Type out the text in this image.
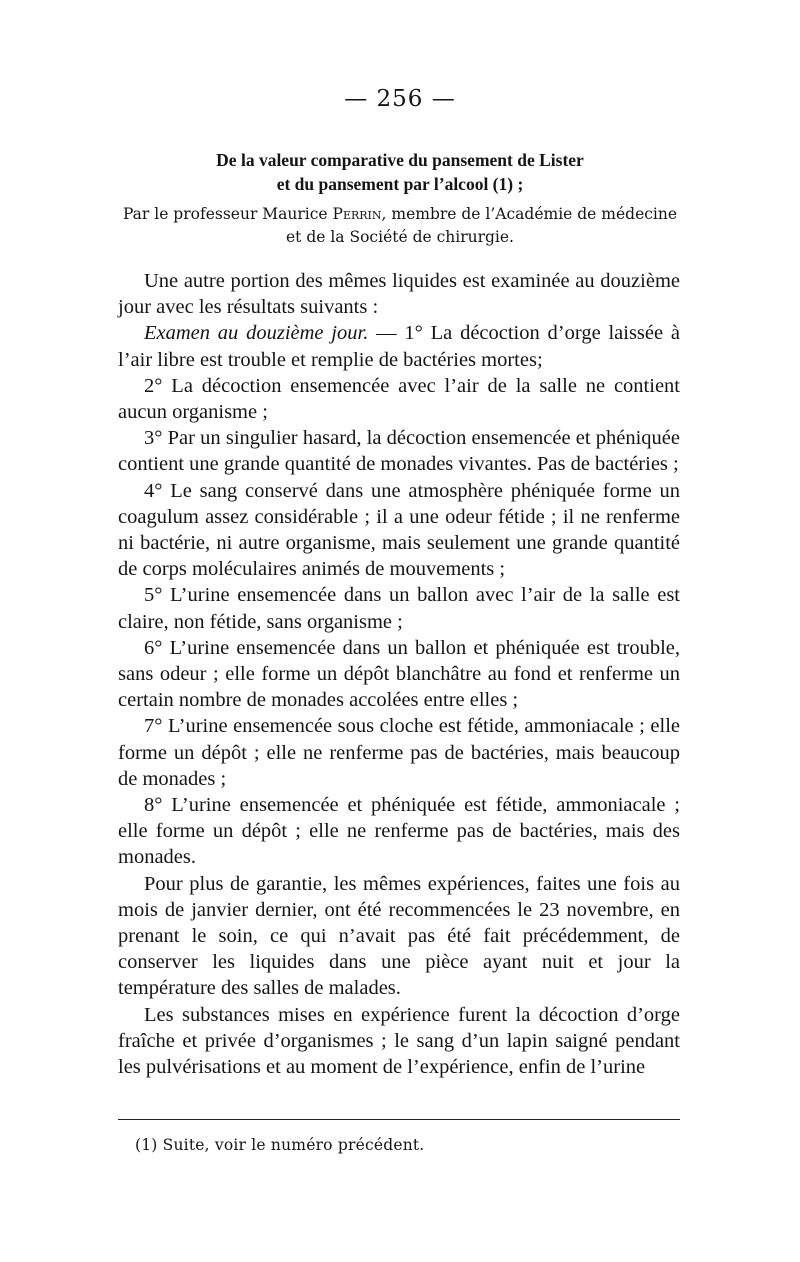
— 256 —
De la valeur comparative du pansement de Lister
et du pansement par l’alcool (1) ;
Par le professeur Maurice Perrin, membre de l’Académie de médecine
et de la Société de chirurgie.

Une autre portion des mêmes liquides est examinée au douzième jour avec les résultats suivants :

Examen au douzième jour. — 1° La décoction d’orge laissée à l’air libre est trouble et remplie de bactéries mortes;

2° La décoction ensemencée avec l’air de la salle ne contient aucun organisme ;

3° Par un singulier hasard, la décoction ensemencée et phéniquée contient une grande quantité de monades vivantes. Pas de bactéries ;

4° Le sang conservé dans une atmosphère phéniquée forme un coagulum assez considérable ; il a une odeur fétide ; il ne renferme ni bactérie, ni autre organisme, mais seulement une grande quantité de corps moléculaires animés de mouvements ;

5° L’urine ensemencée dans un ballon avec l’air de la salle est claire, non fétide, sans organisme ;

6° L’urine ensemencée dans un ballon et phéniquée est trouble, sans odeur ; elle forme un dépôt blanchâtre au fond et renferme un certain nombre de monades accolées entre elles ;

7° L’urine ensemencée sous cloche est fétide, ammoniacale ; elle forme un dépôt ; elle ne renferme pas de bactéries, mais beaucoup de monades ;

8° L’urine ensemencée et phéniquée est fétide, ammoniacale ; elle forme un dépôt ; elle ne renferme pas de bactéries, mais des monades.

Pour plus de garantie, les mêmes expériences, faites une fois au mois de janvier dernier, ont été recommencées le 23 novembre, en prenant le soin, ce qui n’avait pas été fait précédemment, de conserver les liquides dans une pièce ayant nuit et jour la température des salles de malades.

Les substances mises en expérience furent la décoction d’orge fraîche et privée d’organismes ; le sang d’un lapin saigné pendant les pulvérisations et au moment de l’expérience, enfin de l’urine

(1) Suite, voir le numéro précédent.
